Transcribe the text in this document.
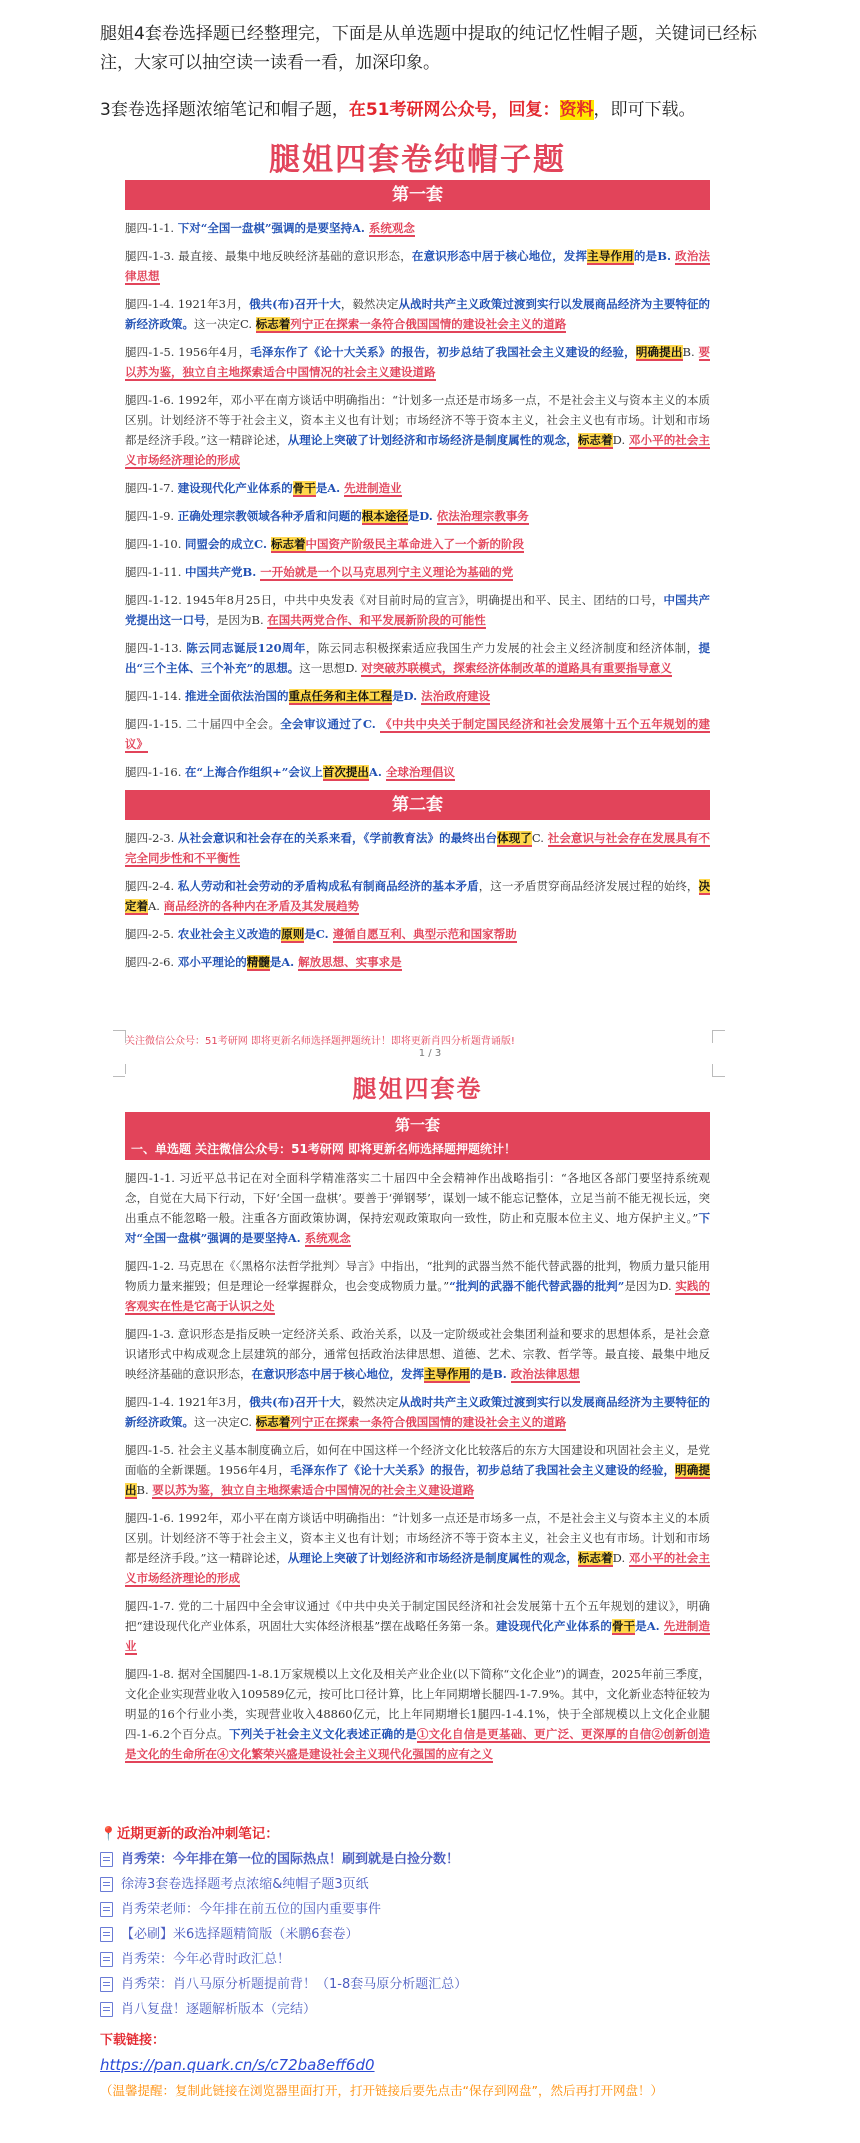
腿姐4套卷选择题已经整理完，下面是从单选题中提取的纯记忆性帽子题，关键词已经标注，大家可以抽空读一读看一看，加深印象。

3套卷选择题浓缩笔记和帽子题，在51考研网公众号，回复：资料，即可下载。

腿姐四套卷纯帽子题
第一套
腿四-1-1. 下对“全国一盘棋”强调的是要坚持A. 系统观念
腿四-1-3. 最直接、最集中地反映经济基础的意识形态，在意识形态中居于核心地位，发挥主导作用的是B. 政治法律思想
腿四-1-4. 1921年3月，俄共(布)召开十大，毅然决定从战时共产主义政策过渡到实行以发展商品经济为主要特征的新经济政策。这一决定C. 标志着列宁正在探索一条符合俄国国情的建设社会主义的道路
腿四-1-5. 1956年4月，毛泽东作了《论十大关系》的报告，初步总结了我国社会主义建设的经验，明确提出B. 要以苏为鉴，独立自主地探索适合中国情况的社会主义建设道路
腿四-1-6. 1992年，邓小平在南方谈话中明确指出：“计划多一点还是市场多一点，不是社会主义与资本主义的本质区别。计划经济不等于社会主义，资本主义也有计划；市场经济不等于资本主义，社会主义也有市场。计划和市场都是经济手段。”这一精辟论述，从理论上突破了计划经济和市场经济是制度属性的观念，标志着D. 邓小平的社会主义市场经济理论的形成
腿四-1-7. 建设现代化产业体系的骨干是A. 先进制造业
腿四-1-9. 正确处理宗教领域各种矛盾和问题的根本途径是D. 依法治理宗教事务
腿四-1-10. 同盟会的成立C. 标志着中国资产阶级民主革命进入了一个新的阶段
腿四-1-11. 中国共产党B. 一开始就是一个以马克思列宁主义理论为基础的党
腿四-1-12. 1945年8月25日，中共中央发表《对目前时局的宣言》，明确提出和平、民主、团结的口号，中国共产党提出这一口号，是因为B. 在国共两党合作、和平发展新阶段的可能性
腿四-1-13. 陈云同志诞辰120周年，陈云同志积极探索适应我国生产力发展的社会主义经济制度和经济体制，提出“三个主体、三个补充”的思想。这一思想D. 对突破苏联模式，探索经济体制改革的道路具有重要指导意义
腿四-1-14. 推进全面依法治国的重点任务和主体工程是D. 法治政府建设
腿四-1-15. 二十届四中全会。全会审议通过了C. 《中共中央关于制定国民经济和社会发展第十五个五年规划的建议》
腿四-1-16. 在“上海合作组织+”会议上首次提出A. 全球治理倡议
第二套
腿四-2-3. 从社会意识和社会存在的关系来看，《学前教育法》的最终出台体现了C. 社会意识与社会存在发展具有不完全同步性和不平衡性
腿四-2-4. 私人劳动和社会劳动的矛盾构成私有制商品经济的基本矛盾，这一矛盾贯穿商品经济发展过程的始终，决定着A. 商品经济的各种内在矛盾及其发展趋势
腿四-2-5. 农业社会主义改造的原则是C. 遵循自愿互利、典型示范和国家帮助
腿四-2-6. 邓小平理论的精髓是A. 解放思想、实事求是
关注微信公众号：51考研网 即将更新名师选择题押题统计！即将更新肖四分析题背诵版!
1 / 3
腿姐四套卷
第一套
一、单选题 关注微信公众号：51考研网 即将更新名师选择题押题统计！
腿四-1-1. 习近平总书记在对全面科学精准落实二十届四中全会精神作出战略指引：“各地区各部门要坚持系统观念，自觉在大局下行动，下好‘全国一盘棋’。要善于‘弹钢琴’，谋划一域不能忘记整体，立足当前不能无视长远，突出重点不能忽略一般。注重各方面政策协调，保持宏观政策取向一致性，防止和克服本位主义、地方保护主义。”下对“全国一盘棋”强调的是要坚持A. 系统观念
腿四-1-2. 马克思在《〈黑格尔法哲学批判〉导言》中指出，“批判的武器当然不能代替武器的批判，物质力量只能用物质力量来摧毁；但是理论一经掌握群众，也会变成物质力量。”“批判的武器不能代替武器的批判”是因为D. 实践的客观实在性是它高于认识之处
腿四-1-3. 意识形态是指反映一定经济关系、政治关系，以及一定阶级或社会集团利益和要求的思想体系，是社会意识诸形式中构成观念上层建筑的部分，通常包括政治法律思想、道德、艺术、宗教、哲学等。最直接、最集中地反映经济基础的意识形态，在意识形态中居于核心地位，发挥主导作用的是B. 政治法律思想
腿四-1-4. 1921年3月，俄共(布)召开十大，毅然决定从战时共产主义政策过渡到实行以发展商品经济为主要特征的新经济政策。这一决定C. 标志着列宁正在探索一条符合俄国国情的建设社会主义的道路
腿四-1-5. 社会主义基本制度确立后，如何在中国这样一个经济文化比较落后的东方大国建设和巩固社会主义，是党面临的全新课题。1956年4月，毛泽东作了《论十大关系》的报告，初步总结了我国社会主义建设的经验，明确提出B. 要以苏为鉴，独立自主地探索适合中国情况的社会主义建设道路
腿四-1-6. 1992年，邓小平在南方谈话中明确指出：“计划多一点还是市场多一点，不是社会主义与资本主义的本质区别。计划经济不等于社会主义，资本主义也有计划；市场经济不等于资本主义，社会主义也有市场。计划和市场都是经济手段。”这一精辟论述，从理论上突破了计划经济和市场经济是制度属性的观念，标志着D. 邓小平的社会主义市场经济理论的形成
腿四-1-7. 党的二十届四中全会审议通过《中共中央关于制定国民经济和社会发展第十五个五年规划的建议》，明确把“建设现代化产业体系，巩固壮大实体经济根基”摆在战略任务第一条。建设现代化产业体系的骨干是A. 先进制造业
腿四-1-8. 据对全国腿四-1-8.1万家规模以上文化及相关产业企业(以下简称“文化企业”)的调查，2025年前三季度，文化企业实现营业收入109589亿元，按可比口径计算，比上年同期增长腿四-1-7.9%。其中，文化新业态特征较为明显的16个行业小类，实现营业收入48860亿元，比上年同期增长1腿四-1-4.1%，快于全部规模以上文化企业腿四-1-6.2个百分点。下列关于社会主义文化表述正确的是①文化自信是更基础、更广泛、更深厚的自信②创新创造是文化的生命所在④文化繁荣兴盛是建设社会主义现代化强国的应有之义
📍近期更新的政治冲刺笔记：
肖秀荣：今年排在第一位的国际热点！刷到就是白捡分数！
徐涛3套卷选择题考点浓缩&纯帽子题3页纸
肖秀荣老师：今年排在前五位的国内重要事件
【必刷】米6选择题精简版（米鹏6套卷）
肖秀荣：今年必背时政汇总！
肖秀荣：肖八马原分析题提前背！（1-8套马原分析题汇总）
肖八复盘！逐题解析版本（完结）
下载链接：
https://pan.quark.cn/s/c72ba8eff6d0
（温馨提醒：复制此链接在浏览器里面打开，打开链接后要先点击“保存到网盘”，然后再打开网盘！）
